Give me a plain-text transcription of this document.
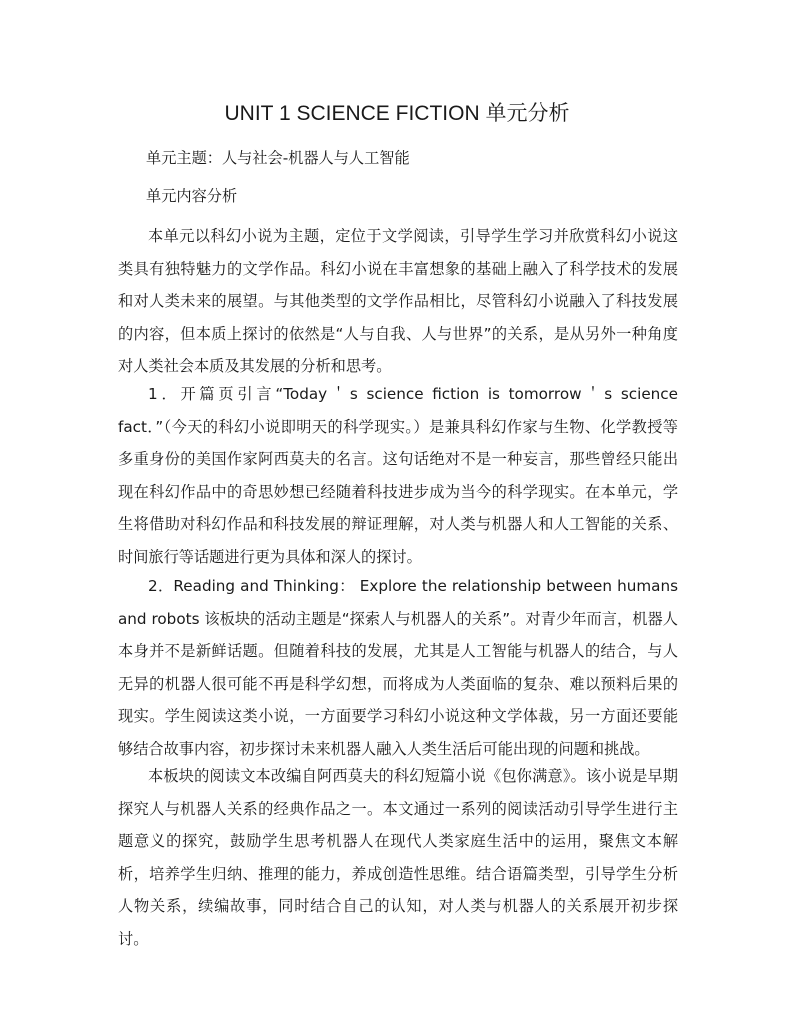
UNIT 1 SCIENCE FICTION 单元分析
单元主题：人与社会-机器人与人工智能
单元内容分析

本单元以科幻小说为主题，定位于文学阅读，引导学生学习并欣赏科幻小说这类具有独特魅力的文学作品。科幻小说在丰富想象的基础上融入了科学技术的发展和对人类未来的展望。与其他类型的文学作品相比，尽管科幻小说融入了科技发展的内容，但本质上探讨的依然是“人与自我、人与世界”的关系，是从另外一种角度对人类社会本质及其发展的分析和思考。

1．开篇页引言“Today＇s science fiction is tomorrow＇s science fact．”（今天的科幻小说即明天的科学现实。）是兼具科幻作家与生物、化学教授等多重身份的美国作家阿西莫夫的名言。这句话绝对不是一种妄言，那些曾经只能出现在科幻作品中的奇思妙想已经随着科技进步成为当今的科学现实。在本单元，学生将借助对科幻作品和科技发展的辩证理解，对人类与机器人和人工智能的关系、时间旅行等话题进行更为具体和深人的探讨。

2．Reading and Thinking： Explore the relationship between humans and robots 该板块的活动主题是“探索人与机器人的关系”。对青少年而言，机器人本身并不是新鲜话题。但随着科技的发展，尤其是人工智能与机器人的结合，与人无异的机器人很可能不再是科学幻想，而将成为人类面临的复杂、难以预料后果的现实。学生阅读这类小说，一方面要学习科幻小说这种文学体裁，另一方面还要能够结合故事内容，初步探讨未来机器人融入人类生活后可能出现的问题和挑战。

本板块的阅读文本改编自阿西莫夫的科幻短篇小说《包你满意》。该小说是早期探究人与机器人关系的经典作品之一。本文通过一系列的阅读活动引导学生进行主题意义的探究，鼓励学生思考机器人在现代人类家庭生活中的运用，聚焦文本解析，培养学生归纳、推理的能力，养成创造性思维。结合语篇类型，引导学生分析人物关系，续编故事，同时结合自己的认知，对人类与机器人的关系展开初步探讨。
